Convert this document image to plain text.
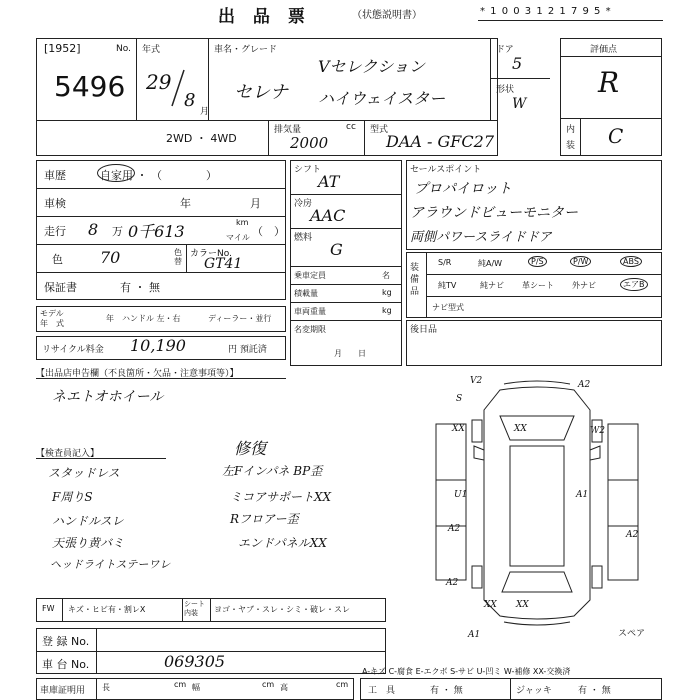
出 品 票	（状態説明書）	* 1 0 0 3 1 2 1 7 9 5 *
[1952]	No.
5496
年式
29
8
月
車名・グレード
セレナ
Vセレクション
ハイウェイスター
ドア
5
形状
W
2WD ・ 4WD
排気量	cc
2000
型式
DAA - GFC27
評価点
R
内
装 C
車歴	自家用 ・ （　　　　）
車検	年	月
走行 8 万 0千613	km
マイル （　）
色 70	色替
カラーNo.
GT41
保証書	有 ・ 無
モデル
年　式
年 ハンドル 左・右	ディーラー・並行
リサイクル料金 10,190	円 預託済
シフト
AT
冷房
AAC
燃料
G
乗車定員	名
積載量	kg
車両重量	kg
名変期限
月　　日
セールスポイント
プロパイロット
アラウンドビューモニター
両側パワースライドドア
装備品
S/R	純A/W	P/S	P/W	ABS
純TV	純ナビ 革シート 外ナビ	エアB
ナビ型式
後日品
【出品店申告欄（不良箇所・欠品・注意事項等）】
ネエトオホイール
【検査員記入】	修復
スタッドレス
F周りS
ハンドルスレ
天張り黄バミ
ヘッドライトステーワレ
左Fインパネ BP歪
ミコアサポートXX
Rフロアー歪
エンドパネルXX
V2	A2
XX	XX	W2
U1	A1
A2
A2
A2
XX XX
A1
S
スペア
FW キズ・ヒビ有・割レX
シート内装	ヨゴ・ヤブ・スレ・シミ・破レ・スレ
登 録 No.
車 台 No.	069305
車庫証明用 長	cm 幅	cm 高	cm
A-キズ C-腐食 E-エクボ S-サビ U-凹ミ W-補修 XX-交換済
工　具	有 ・ 無	ジャッキ	有 ・ 無
